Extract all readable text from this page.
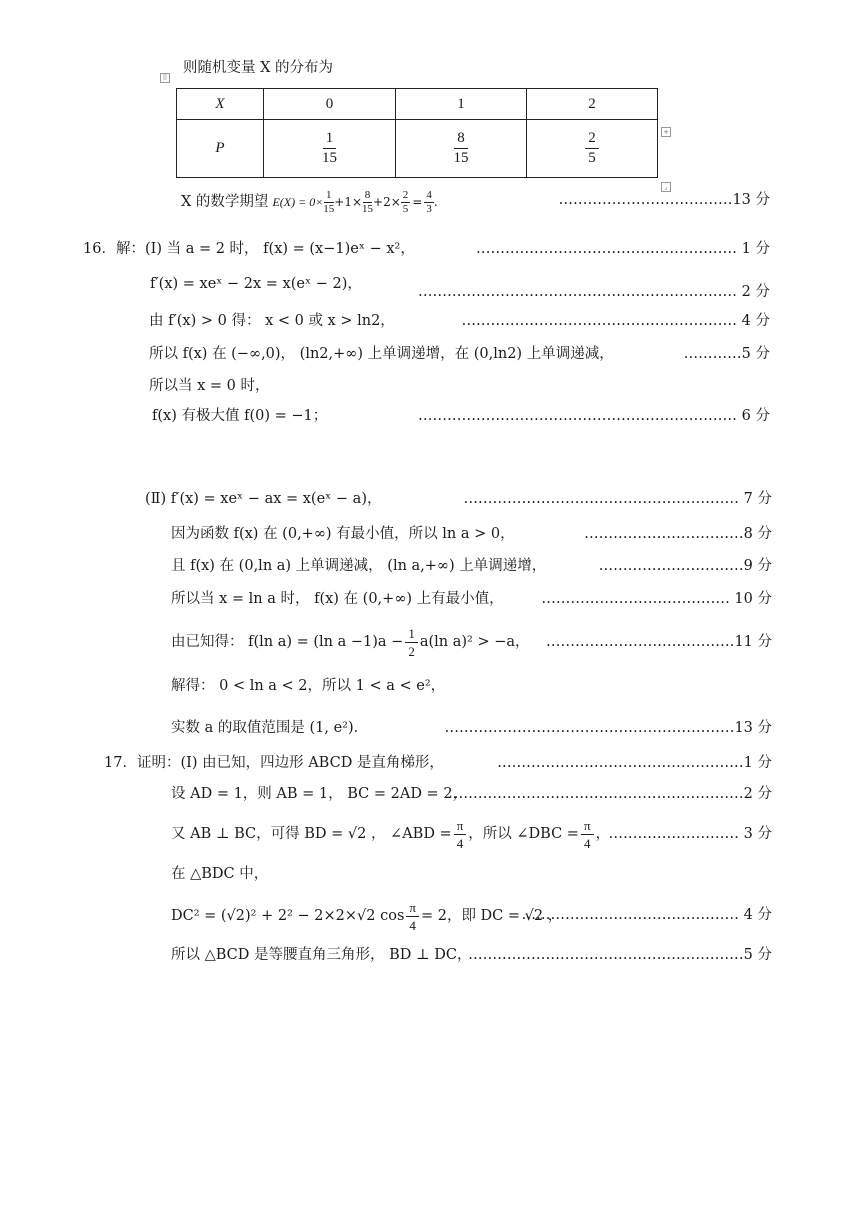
⠿
+
⌟
则随机变量 X 的分布为
X	0	1	2
P	$\frac{1}{15}$	$\frac{8}{15}$	$\frac{2}{5}$
X 的数学期望 $E(X) = 0\times \frac{1}{15} +1\times \frac{8}{15} +2\times \frac{2}{5} = \frac{4}{3}$ .	………………………………13 分
16．解：(Ⅰ) 当 a = 2 时， f(x) = (x−1)eˣ − x²，	……………………………………………… 1 分
f′(x) = xeˣ − 2x = x(eˣ − 2)，	………………………………………………………… 2 分
由 f′(x) > 0 得： x < 0 或 x > ln2，	………………………………………………… 4 分
所以 f(x) 在 (−∞,0)， (ln2,+∞) 上单调递增，在 (0,ln2) 上单调递减，	…………5 分
所以当 x = 0 时，
f(x) 有极大值 f(0) = −1；	………………………………………………………… 6 分
(Ⅱ) f′(x) = xeˣ − ax = x(eˣ − a)，	………………………………………………… 7 分
因为函数 f(x) 在 (0,+∞) 有最小值，所以 ln a > 0，	……………………………8 分
且 f(x) 在 (0,ln a) 上单调递减， (ln a,+∞) 上单调递增，	…………………………9 分
所以当 x = ln a 时， f(x) 在 (0,+∞) 上有最小值，	………………………………… 10 分
由已知得： f(ln a) = (ln $a -1)a - \frac{1}{2} a(\ln$ a)² > −a， …………………………………11 分
解得： 0 < ln a < 2，所以 1 < a < e²，
实数 a 的取值范围是 (1, e²)．	……………………………………………………13 分
17．证明：(Ⅰ) 由已知，四边形 ABCD 是直角梯形，	……………………………………………1 分
设 AD = 1，则 AB = 1， BC = 2AD = 2，
……………………………………………………2 分
又 AB ⊥ BC，可得 BD = √2 ， ∠ABD = $\frac{\pi}{4}$ ，所以 ∠DBC = $\frac{\pi}{4}$ ，
……………………… 3 分
在 △BDC 中，
DC² = (√2)² + 2² − 2×2×√2 $\cos \frac{\pi}{4} = 2$，即 DC = √2 ，
……………………………………… 4 分
所以 △BCD 是等腰直角三角形， BD ⊥ DC，
…………………………………………………5 分
